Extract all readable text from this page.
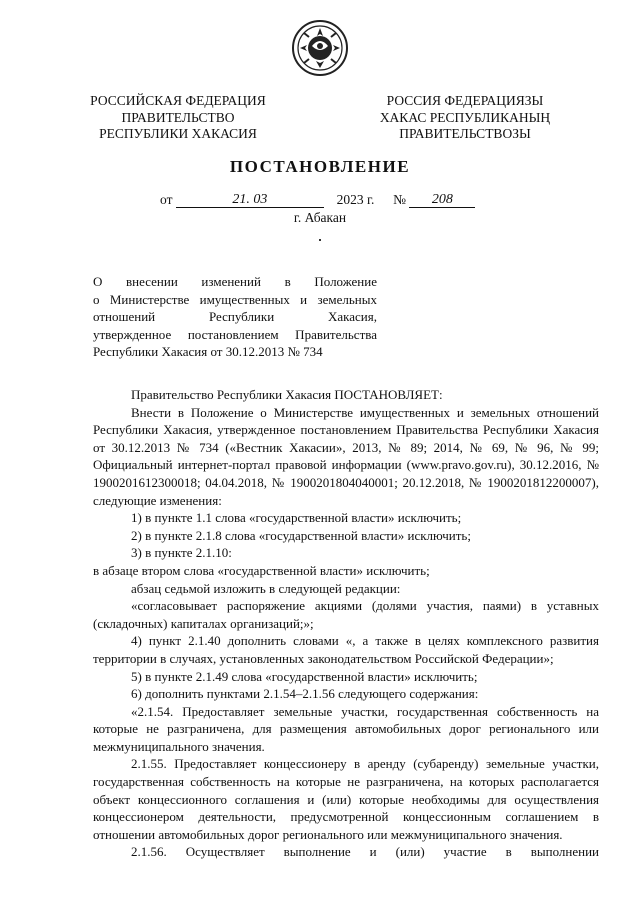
РОССИЙСКАЯ ФЕДЕРАЦИЯ
ПРАВИТЕЛЬСТВО
РЕСПУБЛИКИ ХАКАСИЯ
РОССИЯ ФЕДЕРАЦИЯЗЫ
ХАКАС РЕСПУБЛИКАНЫҢ
ПРАВИТЕЛЬСТВОЗЫ
ПОСТАНОВЛЕНИЕ
от	21. 03	2023 г. № 208
г. Абакан
О внесении изменений в Положение
о Министерстве имущественных и земельных
отношений Республики Хакасия,
утвержденное постановлением Правительства
Республики Хакасия от 30.12.2013 № 734
Правительство Республики Хакасия ПОСТАНОВЛЯЕТ:
Внести в Положение о Министерстве имущественных и земельных отношений Республики Хакасия, утвержденное постановлением Правительства Республики Хакасия от 30.12.2013 № 734 («Вестник Хакасии», 2013, № 89; 2014, № 69, № 96, № 99; Официальный интернет-портал правовой информации (www.pravo.gov.ru), 30.12.2016, № 1900201612300018; 04.04.2018, № 1900201804040001; 20.12.2018, № 1900201812200007), следующие изменения:
1) в пункте 1.1 слова «государственной власти» исключить;
2) в пункте 2.1.8 слова «государственной власти» исключить;
3) в пункте 2.1.10:
в абзаце втором слова «государственной власти» исключить;
абзац седьмой изложить в следующей редакции:
«согласовывает распоряжение акциями (долями участия, паями) в уставных (складочных) капиталах организаций;»;
4) пункт 2.1.40 дополнить словами «, а также в целях комплексного развития территории в случаях, установленных законодательством Российской Федерации»;
5) в пункте 2.1.49 слова «государственной власти» исключить;
6) дополнить пунктами 2.1.54–2.1.56 следующего содержания:
«2.1.54. Предоставляет земельные участки, государственная собственность на которые не разграничена, для размещения автомобильных дорог регионального или межмуниципального значения.
2.1.55. Предоставляет концессионеру в аренду (субаренду) земельные участки, государственная собственность на которые не разграничена, на которых располагается объект концессионного соглашения и (или) которые необходимы для осуществления концессионером деятельности, предусмотренной концессионным соглашением в отношении автомобильных дорог регионального или межмуниципального значения.
2.1.56. Осуществляет выполнение и (или) участие в выполнении
